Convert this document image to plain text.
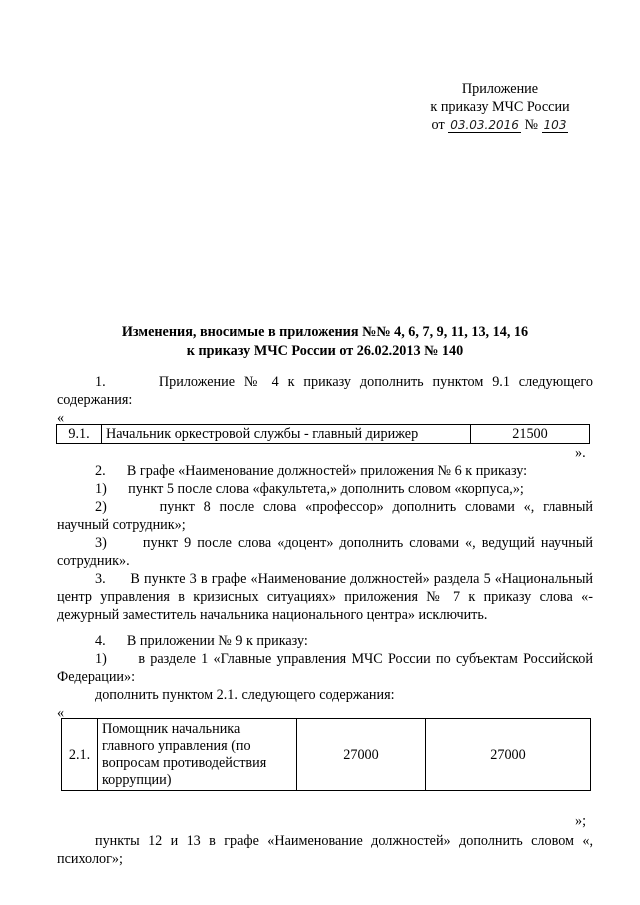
Приложение
к приказу МЧС России
от 03.03.2016 № 103
Изменения, вносимые в приложения №№ 4, 6, 7, 9, 11, 13, 14, 16
к приказу МЧС России от 26.02.2013 № 140
1.      Приложение № 4 к приказу дополнить пунктом 9.1 следующего
содержания:
«
9.1.	Начальник оркестровой службы - главный дирижер	21500
».
2.      В графе «Наименование должностей» приложения № 6 к приказу:
1)      пункт 5 после слова «факультета,» дополнить словом «корпуса,»;
2)      пункт 8 после слова «профессор» дополнить словами «, главный
научный сотрудник»;
3)      пункт 9 после слова «доцент» дополнить словами «, ведущий научный
сотрудник».
3.      В пункте 3 в графе «Наименование должностей» раздела 5 «Национальный центр управления в кризисных ситуациях» приложения № 7 к приказу слова «- дежурный заместитель начальника национального центра» исключить.
4.      В приложении № 9 к приказу:
1)      в разделе 1 «Главные управления МЧС России по субъектам Российской Федерации»:
дополнить пунктом 2.1. следующего содержания:
«
2.1.	Помощник начальника главного управления (по вопросам противодействия коррупции)	27000	27000
»;
пункты 12 и 13 в графе «Наименование должностей» дополнить словом «, психолог»;
